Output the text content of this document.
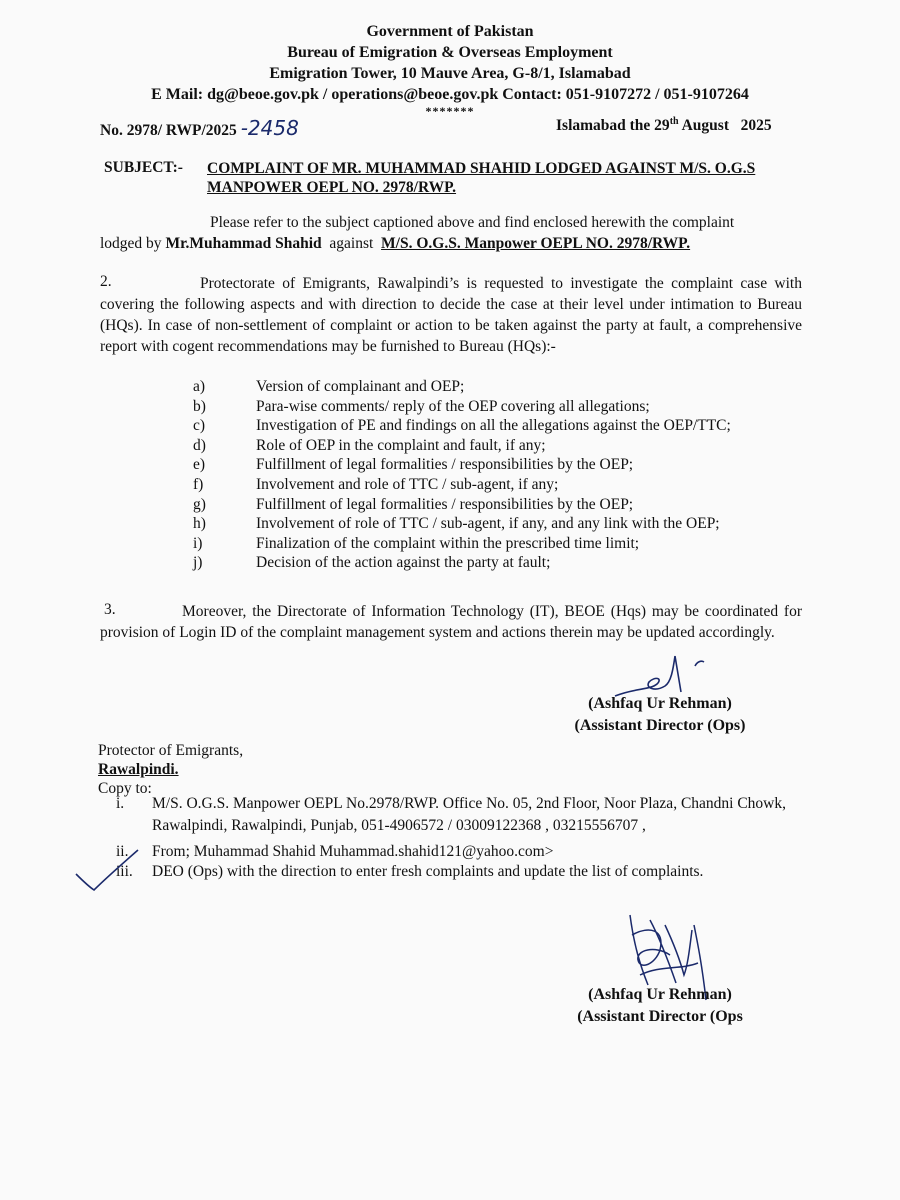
Government of Pakistan
Bureau of Emigration & Overseas Employment
Emigration Tower, 10 Mauve Area, G-8/1, Islamabad
E Mail: dg@beoe.gov.pk / operations@beoe.gov.pk Contact: 051-9107272 / 051-9107264
*******
No. 2978/ RWP/2025 -2458	Islamabad the 29th August   2025
SUBJECT:- COMPLAINT OF MR. MUHAMMAD SHAHID LODGED AGAINST M/S. O.G.S
MANPOWER OEPL NO. 2978/RWP.
Please refer to the subject captioned above and find enclosed herewith the complaint
lodged by Mr.Muhammad Shahid  against  M/S. O.G.S. Manpower OEPL NO. 2978/RWP.
2.	Protectorate of Emigrants, Rawalpindi’s is requested to investigate the complaint case with covering the following aspects and with direction to decide the case at their level under intimation to Bureau (HQs). In case of non-settlement of complaint or action to be taken against the party at fault, a comprehensive report with cogent recommendations may be furnished to Bureau (HQs):-
a)	Version of complainant and OEP;
b)	Para-wise comments/ reply of the OEP covering all allegations;
c)	Investigation of PE and findings on all the allegations against the OEP/TTC;
d)	Role of OEP in the complaint and fault, if any;
e)	Fulfillment of legal formalities / responsibilities by the OEP;
f)	Involvement and role of TTC / sub-agent, if any;
g)	Fulfillment of legal formalities / responsibilities by the OEP;
h)	Involvement of role of TTC / sub-agent, if any, and any link with the OEP;
i)	Finalization of the complaint within the prescribed time limit;
j)	Decision of the action against the party at fault;
3.	Moreover, the Directorate of Information Technology (IT), BEOE (Hqs) may be coordinated for provision of Login ID of the complaint management system and actions therein may be updated accordingly.
(Ashfaq Ur Rehman)
(Assistant Director (Ops)
Protector of Emigrants,
Rawalpindi.
Copy to:
i.	M/S. O.G.S. Manpower OEPL No.2978/RWP. Office No. 05, 2nd Floor, Noor Plaza, Chandni Chowk, Rawalpindi, Rawalpindi, Punjab, 051-4906572 / 03009122368 , 03215556707 ,
ii.	From; Muhammad Shahid Muhammad.shahid121@yahoo.com>
iii.	DEO (Ops) with the direction to enter fresh complaints and update the list of complaints.
(Ashfaq Ur Rehman)
(Assistant Director (Ops
